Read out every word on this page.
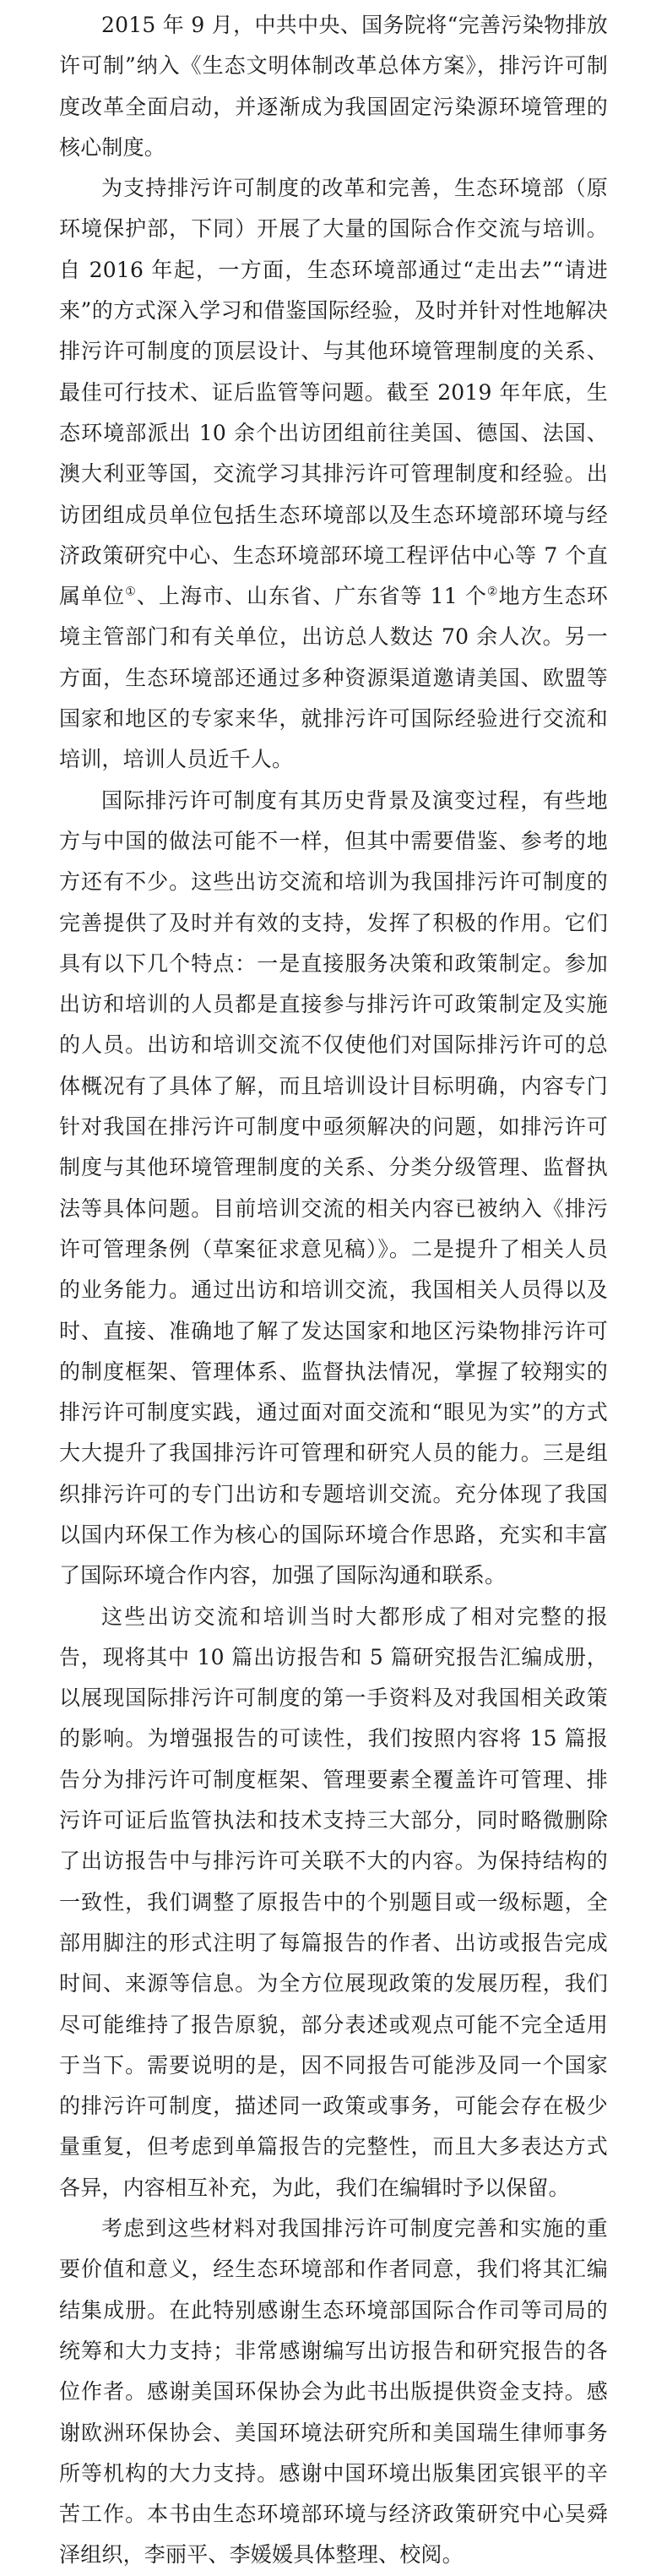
2015 年 9 月，中共中央、国务院将“完善污染物排放许可制”纳入《生态文明体制改革总体方案》，排污许可制度改革全面启动，并逐渐成为我国固定污染源环境管理的核心制度。

为支持排污许可制度的改革和完善，生态环境部（原环境保护部，下同）开展了大量的国际合作交流与培训。自 2016 年起，一方面，生态环境部通过“走出去”“请进来”的方式深入学习和借鉴国际经验，及时并针对性地解决排污许可制度的顶层设计、与其他环境管理制度的关系、最佳可行技术、证后监管等问题。截至 2019 年年底，生态环境部派出 10 余个出访团组前往美国、德国、法国、澳大利亚等国，交流学习其排污许可管理制度和经验。出访团组成员单位包括生态环境部以及生态环境部环境与经济政策研究中心、生态环境部环境工程评估中心等 7 个直属单位①、上海市、山东省、广东省等 11 个②地方生态环境主管部门和有关单位，出访总人数达 70 余人次。另一方面，生态环境部还通过多种资源渠道邀请美国、欧盟等国家和地区的专家来华，就排污许可国际经验进行交流和培训，培训人员近千人。

国际排污许可制度有其历史背景及演变过程，有些地方与中国的做法可能不一样，但其中需要借鉴、参考的地方还有不少。这些出访交流和培训为我国排污许可制度的完善提供了及时并有效的支持，发挥了积极的作用。它们具有以下几个特点：一是直接服务决策和政策制定。参加出访和培训的人员都是直接参与排污许可政策制定及实施的人员。出访和培训交流不仅使他们对国际排污许可的总体概况有了具体了解，而且培训设计目标明确，内容专门针对我国在排污许可制度中亟须解决的问题，如排污许可制度与其他环境管理制度的关系、分类分级管理、监督执法等具体问题。目前培训交流的相关内容已被纳入《排污许可管理条例（草案征求意见稿）》。二是提升了相关人员的业务能力。通过出访和培训交流，我国相关人员得以及时、直接、准确地了解了发达国家和地区污染物排污许可的制度框架、管理体系、监督执法情况，掌握了较翔实的排污许可制度实践，通过面对面交流和“眼见为实”的方式大大提升了我国排污许可管理和研究人员的能力。三是组织排污许可的专门出访和专题培训交流。充分体现了我国以国内环保工作为核心的国际环境合作思路，充实和丰富了国际环境合作内容，加强了国际沟通和联系。

这些出访交流和培训当时大都形成了相对完整的报告，现将其中 10 篇出访报告和 5 篇研究报告汇编成册，以展现国际排污许可制度的第一手资料及对我国相关政策的影响。为增强报告的可读性，我们按照内容将 15 篇报告分为排污许可制度框架、管理要素全覆盖许可管理、排污许可证后监管执法和技术支持三大部分，同时略微删除了出访报告中与排污许可关联不大的内容。为保持结构的一致性，我们调整了原报告中的个别题目或一级标题，全部用脚注的形式注明了每篇报告的作者、出访或报告完成时间、来源等信息。为全方位展现政策的发展历程，我们尽可能维持了报告原貌，部分表述或观点可能不完全适用于当下。需要说明的是，因不同报告可能涉及同一个国家的排污许可制度，描述同一政策或事务，可能会存在极少量重复，但考虑到单篇报告的完整性，而且大多表达方式各异，内容相互补充，为此，我们在编辑时予以保留。

考虑到这些材料对我国排污许可制度完善和实施的重要价值和意义，经生态环境部和作者同意，我们将其汇编结集成册。在此特别感谢生态环境部国际合作司等司局的统筹和大力支持；非常感谢编写出访报告和研究报告的各位作者。感谢美国环保协会为此书出版提供资金支持。感谢欧洲环保协会、美国环境法研究所和美国瑞生律师事务所等机构的大力支持。感谢中国环境出版集团宾银平的辛苦工作。本书由生态环境部环境与经济政策研究中心吴舜泽组织，李丽平、李媛媛具体整理、校阅。
